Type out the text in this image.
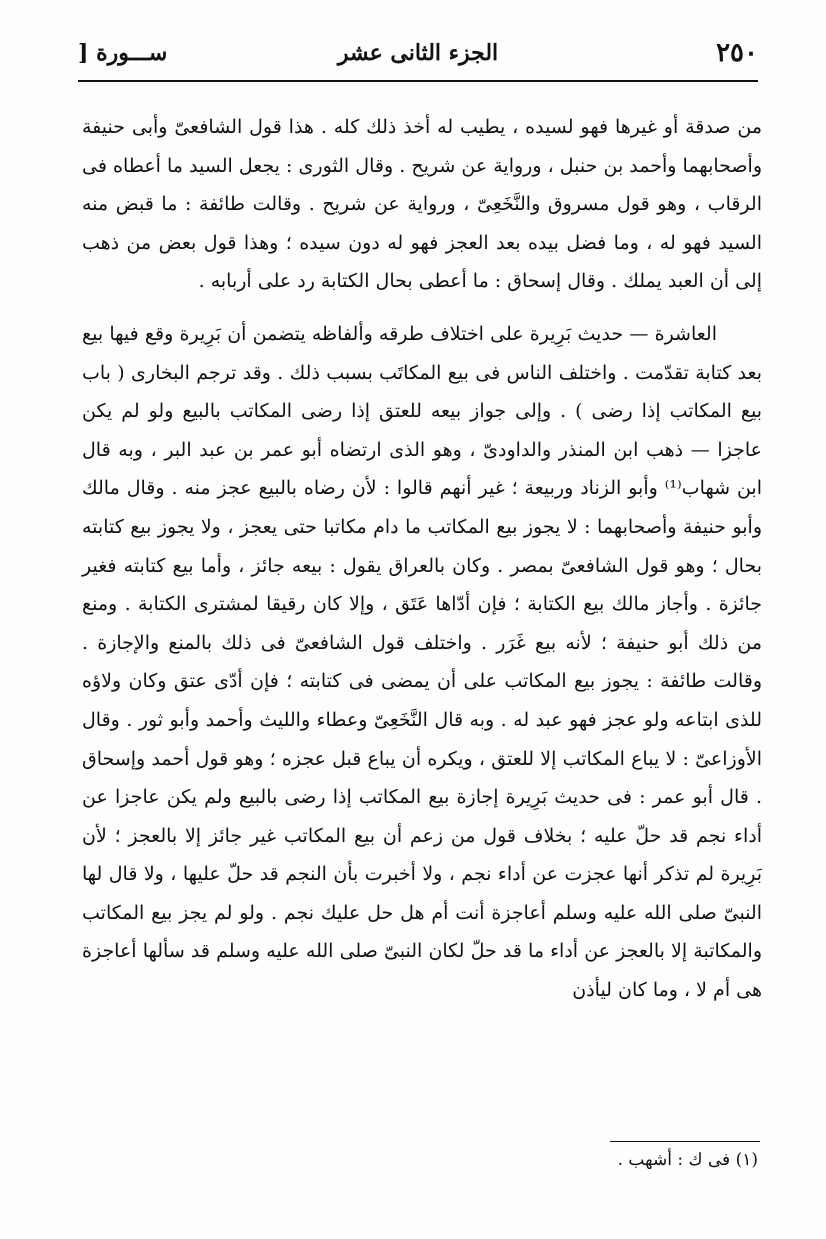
٢٥٠
الجزء الثانى عشر
ســـورة [

من صدقة أو غيرها فهو لسيده ، يطيب له أخذ ذلك كله . هذا قول الشافعىّ وأبى حنيفة وأصحابهما وأحمد بن حنبل ، ورواية عن شريح . وقال الثورى : يجعل السيد ما أعطاه فى الرقاب ، وهو قول مسروق والنَّخَعِىّ ، ورواية عن شريح . وقالت طائفة : ما قبض منه السيد فهو له ، وما فضل بيده بعد العجز فهو له دون سيده ؛ وهذا قول بعض من ذهب إلى أن العبد يملك . وقال إسحاق : ما أعطى بحال الكتابة رد على أربابه .

العاشرة — حديث بَرِيرة على اختلاف طرقه وألفاظه يتضمن أن بَرِيرة وقع فيها بيع بعد كتابة تقدّمت . واختلف الناس فى بيع المكاتَب بسبب ذلك . وقد ترجم البخارى ( باب بيع المكاتب إذا رضى ) . وإلى جواز بيعه للعتق إذا رضى المكاتب بالبيع ولو لم يكن عاجزا — ذهب ابن المنذر والداودىّ ، وهو الذى ارتضاه أبو عمر بن عبد البر ، وبه قال ابن شهاب⁽¹⁾ وأبو الزناد وربيعة ؛ غير أنهم قالوا : لأن رضاه بالبيع عجز منه . وقال مالك وأبو حنيفة وأصحابهما : لا يجوز بيع المكاتب ما دام مكاتبا حتى يعجز ، ولا يجوز بيع كتابته بحال ؛ وهو قول الشافعىّ بمصر . وكان بالعراق يقول : بيعه جائز ، وأما بيع كتابته فغير جائزة . وأجاز مالك بيع الكتابة ؛ فإن أدّاها عَتَق ، وإلا كان رقيقا لمشترى الكتابة . ومنع من ذلك أبو حنيفة ؛ لأنه بيع غَرَر . واختلف قول الشافعىّ فى ذلك بالمنع والإجازة . وقالت طائفة : يجوز بيع المكاتب على أن يمضى فى كتابته ؛ فإن أدّى عتق وكان ولاؤه للذى ابتاعه ولو عجز فهو عبد له . وبه قال النَّخَعِىّ وعطاء والليث وأحمد وأبو ثور . وقال الأوزاعىّ : لا يباع المكاتب إلا للعتق ، ويكره أن يباع قبل عجزه ؛ وهو قول أحمد وإسحاق . قال أبو عمر : فى حديث بَرِيرة إجازة بيع المكاتب إذا رضى بالبيع ولم يكن عاجزا عن أداء نجم قد حلّ عليه ؛ بخلاف قول من زعم أن بيع المكاتب غير جائز إلا بالعجز ؛ لأن بَرِيرة لم تذكر أنها عجزت عن أداء نجم ، ولا أخبرت بأن النجم قد حلّ عليها ، ولا قال لها النبىّ صلى الله عليه وسلم أعاجزة أنت أم هل حل عليك نجم . ولو لم يجز بيع المكاتب والمكاتبة إلا بالعجز عن أداء ما قد حلّ لكان النبىّ صلى الله عليه وسلم قد سألها أعاجزة هى أم لا ، وما كان ليأذن

(١) فى ك : أشهب .
